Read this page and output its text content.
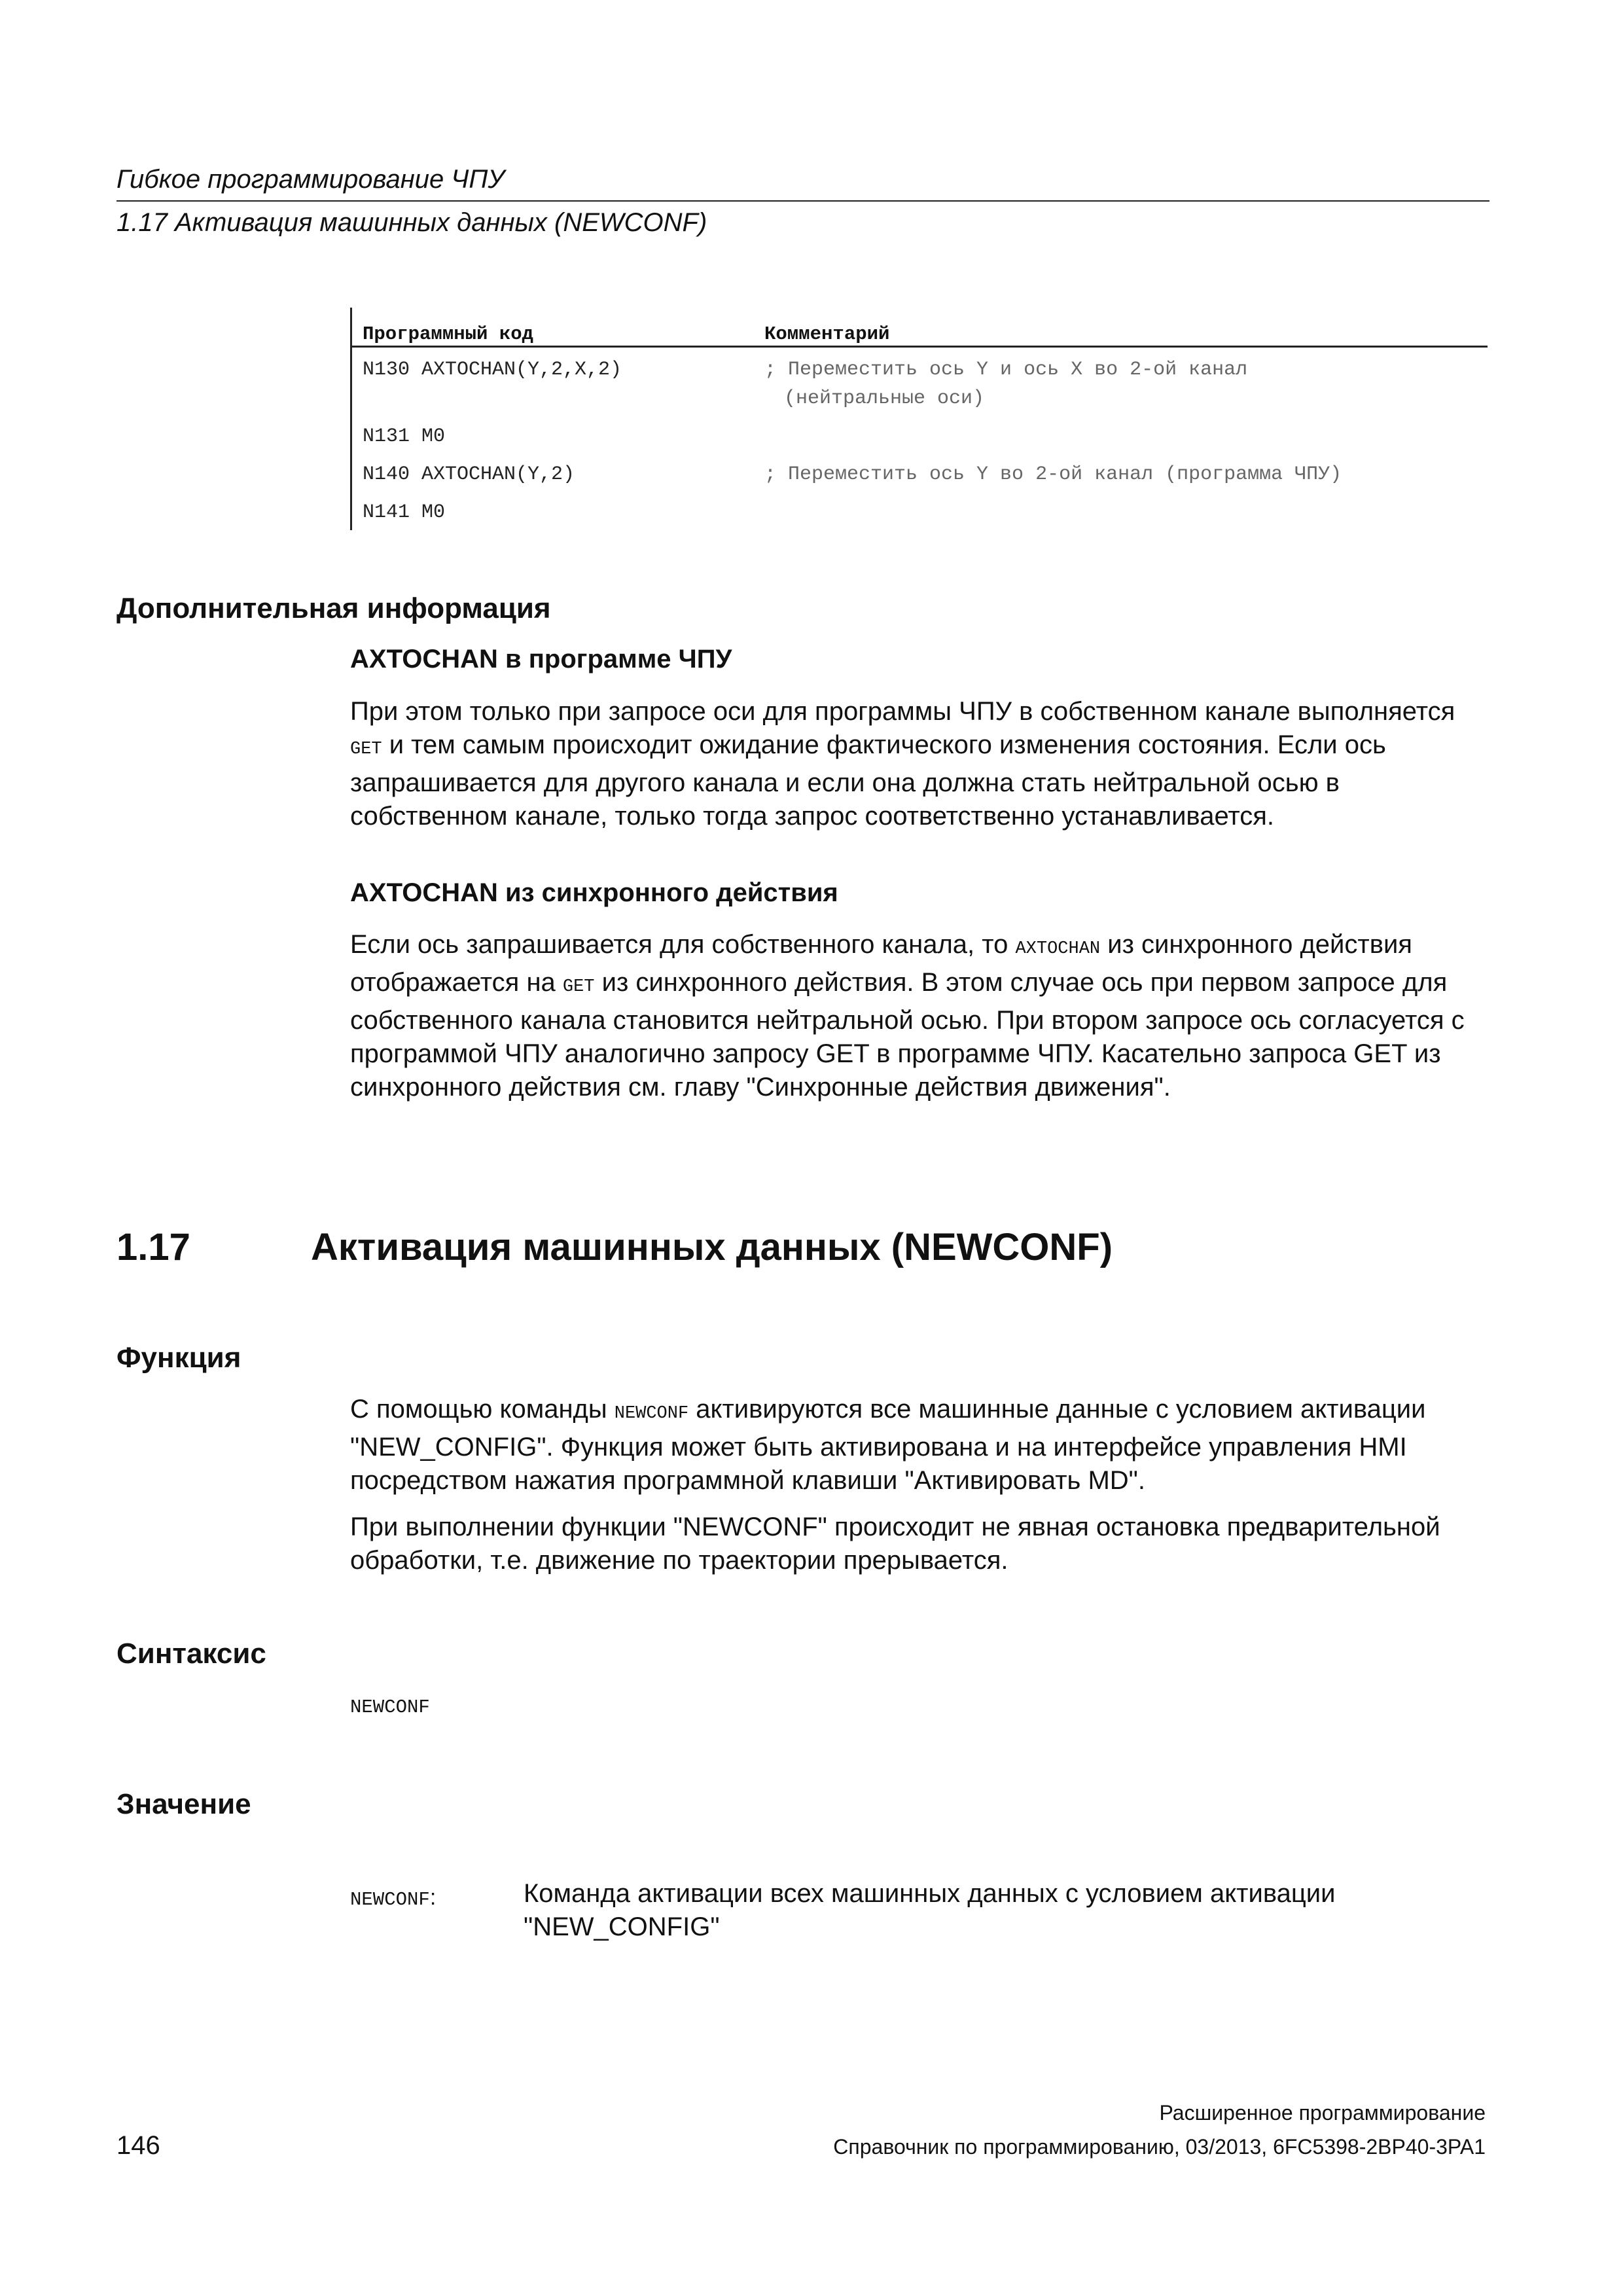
Гибкое программирование ЧПУ
1.17 Активация машинных данных (NEWCONF)
Программный код	Комментарий
N130 AXTOCHAN(Y,2,X,2)	; Переместить ось Y и ось X во 2-ой канал
(нейтральные оси)
N131 M0
N140 AXTOCHAN(Y,2)	; Переместить ось Y во 2-ой канал (программа ЧПУ)
N141 M0
Дополнительная информация
AXTOCHAN в программе ЧПУ
При этом только при запросе оси для программы ЧПУ в собственном канале выполняется GET и тем самым происходит ожидание фактического изменения состояния. Если ось запрашивается для другого канала и если она должна стать нейтральной осью в собственном канале, только тогда запрос соответственно устанавливается.
AXTOCHAN из синхронного действия
Если ось запрашивается для собственного канала, то AXTOCHAN из синхронного действия отображается на GET из синхронного действия. В этом случае ось при первом запросе для собственного канала становится нейтральной осью. При втором запросе ось согласуется с программой ЧПУ аналогично запросу GET в программе ЧПУ. Касательно запроса GET из синхронного действия см. главу "Синхронные действия движения".
1.17	Активация машинных данных (NEWCONF)
Функция
С помощью команды NEWCONF активируются все машинные данные с условием активации "NEW_CONFIG". Функция может быть активирована и на интерфейсе управления HMI посредством нажатия программной клавиши "Активировать MD".
При выполнении функции "NEWCONF" происходит не явная остановка предварительной обработки, т.е. движение по траектории прерывается.
Синтаксис
NEWCONF
Значение
NEWCONF:	Команда активации всех машинных данных с условием активации "NEW_CONFIG"
Расширенное программирование
Справочник по программированию, 03/2013, 6FC5398-2BP40-3PA1
146
